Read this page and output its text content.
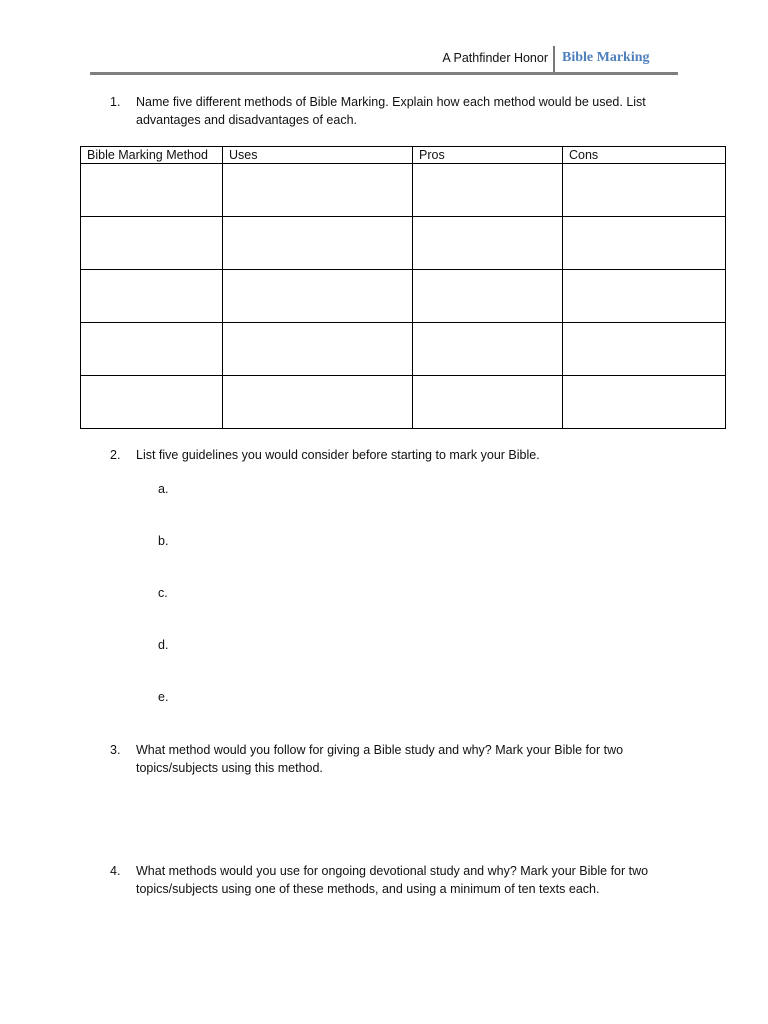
A Pathfinder Honor Bible Marking
1.	Name five different methods of Bible Marking. Explain how each method would be used. List
advantages and disadvantages of each.
Bible Marking Method	Uses	Pros	Cons

2.	List five guidelines you would consider before starting to mark your Bible.
a.
b.
c.
d.
e.
3.	What method would you follow for giving a Bible study and why? Mark your Bible for two
topics/subjects using this method.
4.	What methods would you use for ongoing devotional study and why? Mark your Bible for two
topics/subjects using one of these methods, and using a minimum of ten texts each.
